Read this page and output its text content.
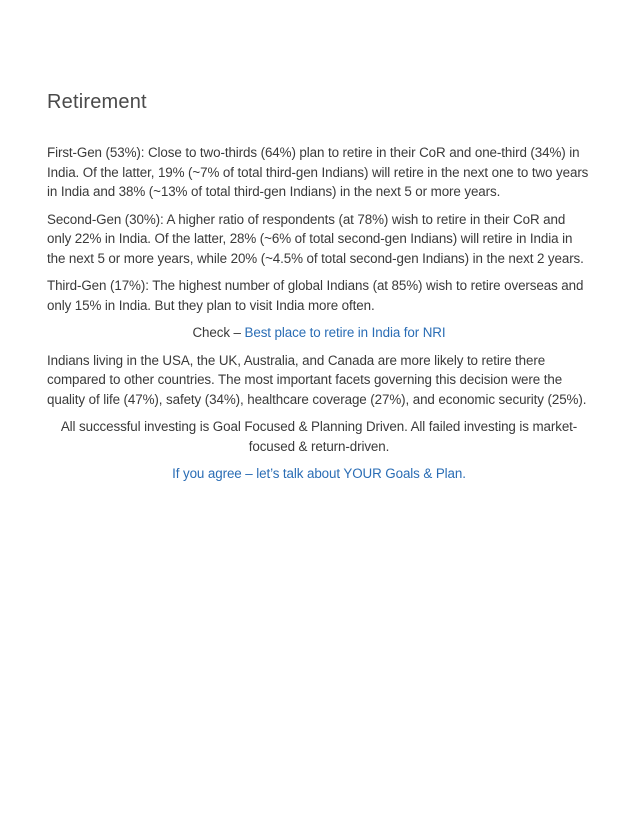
Retirement

First-Gen (53%): Close to two-thirds (64%) plan to retire in their CoR and one-third (34%) in India. Of the latter, 19% (~7% of total third-gen Indians) will retire in the next one to two years in India and 38% (~13% of total third-gen Indians) in the next 5 or more years.

Second-Gen (30%): A higher ratio of respondents (at 78%) wish to retire in their CoR and only 22% in India. Of the latter, 28% (~6% of total second-gen Indians) will retire in India in the next 5 or more years, while 20% (~4.5% of total second-gen Indians) in the next 2 years.

Third-Gen (17%): The highest number of global Indians (at 85%) wish to retire overseas and only 15% in India. But they plan to visit India more often.

Check – Best place to retire in India for NRI

Indians living in the USA, the UK, Australia, and Canada are more likely to retire there compared to other countries. The most important facets governing this decision were the quality of life (47%), safety (34%), healthcare coverage (27%), and economic security (25%).

All successful investing is Goal Focused & Planning Driven. All failed investing is market-focused & return-driven.

If you agree – let’s talk about YOUR Goals & Plan.
